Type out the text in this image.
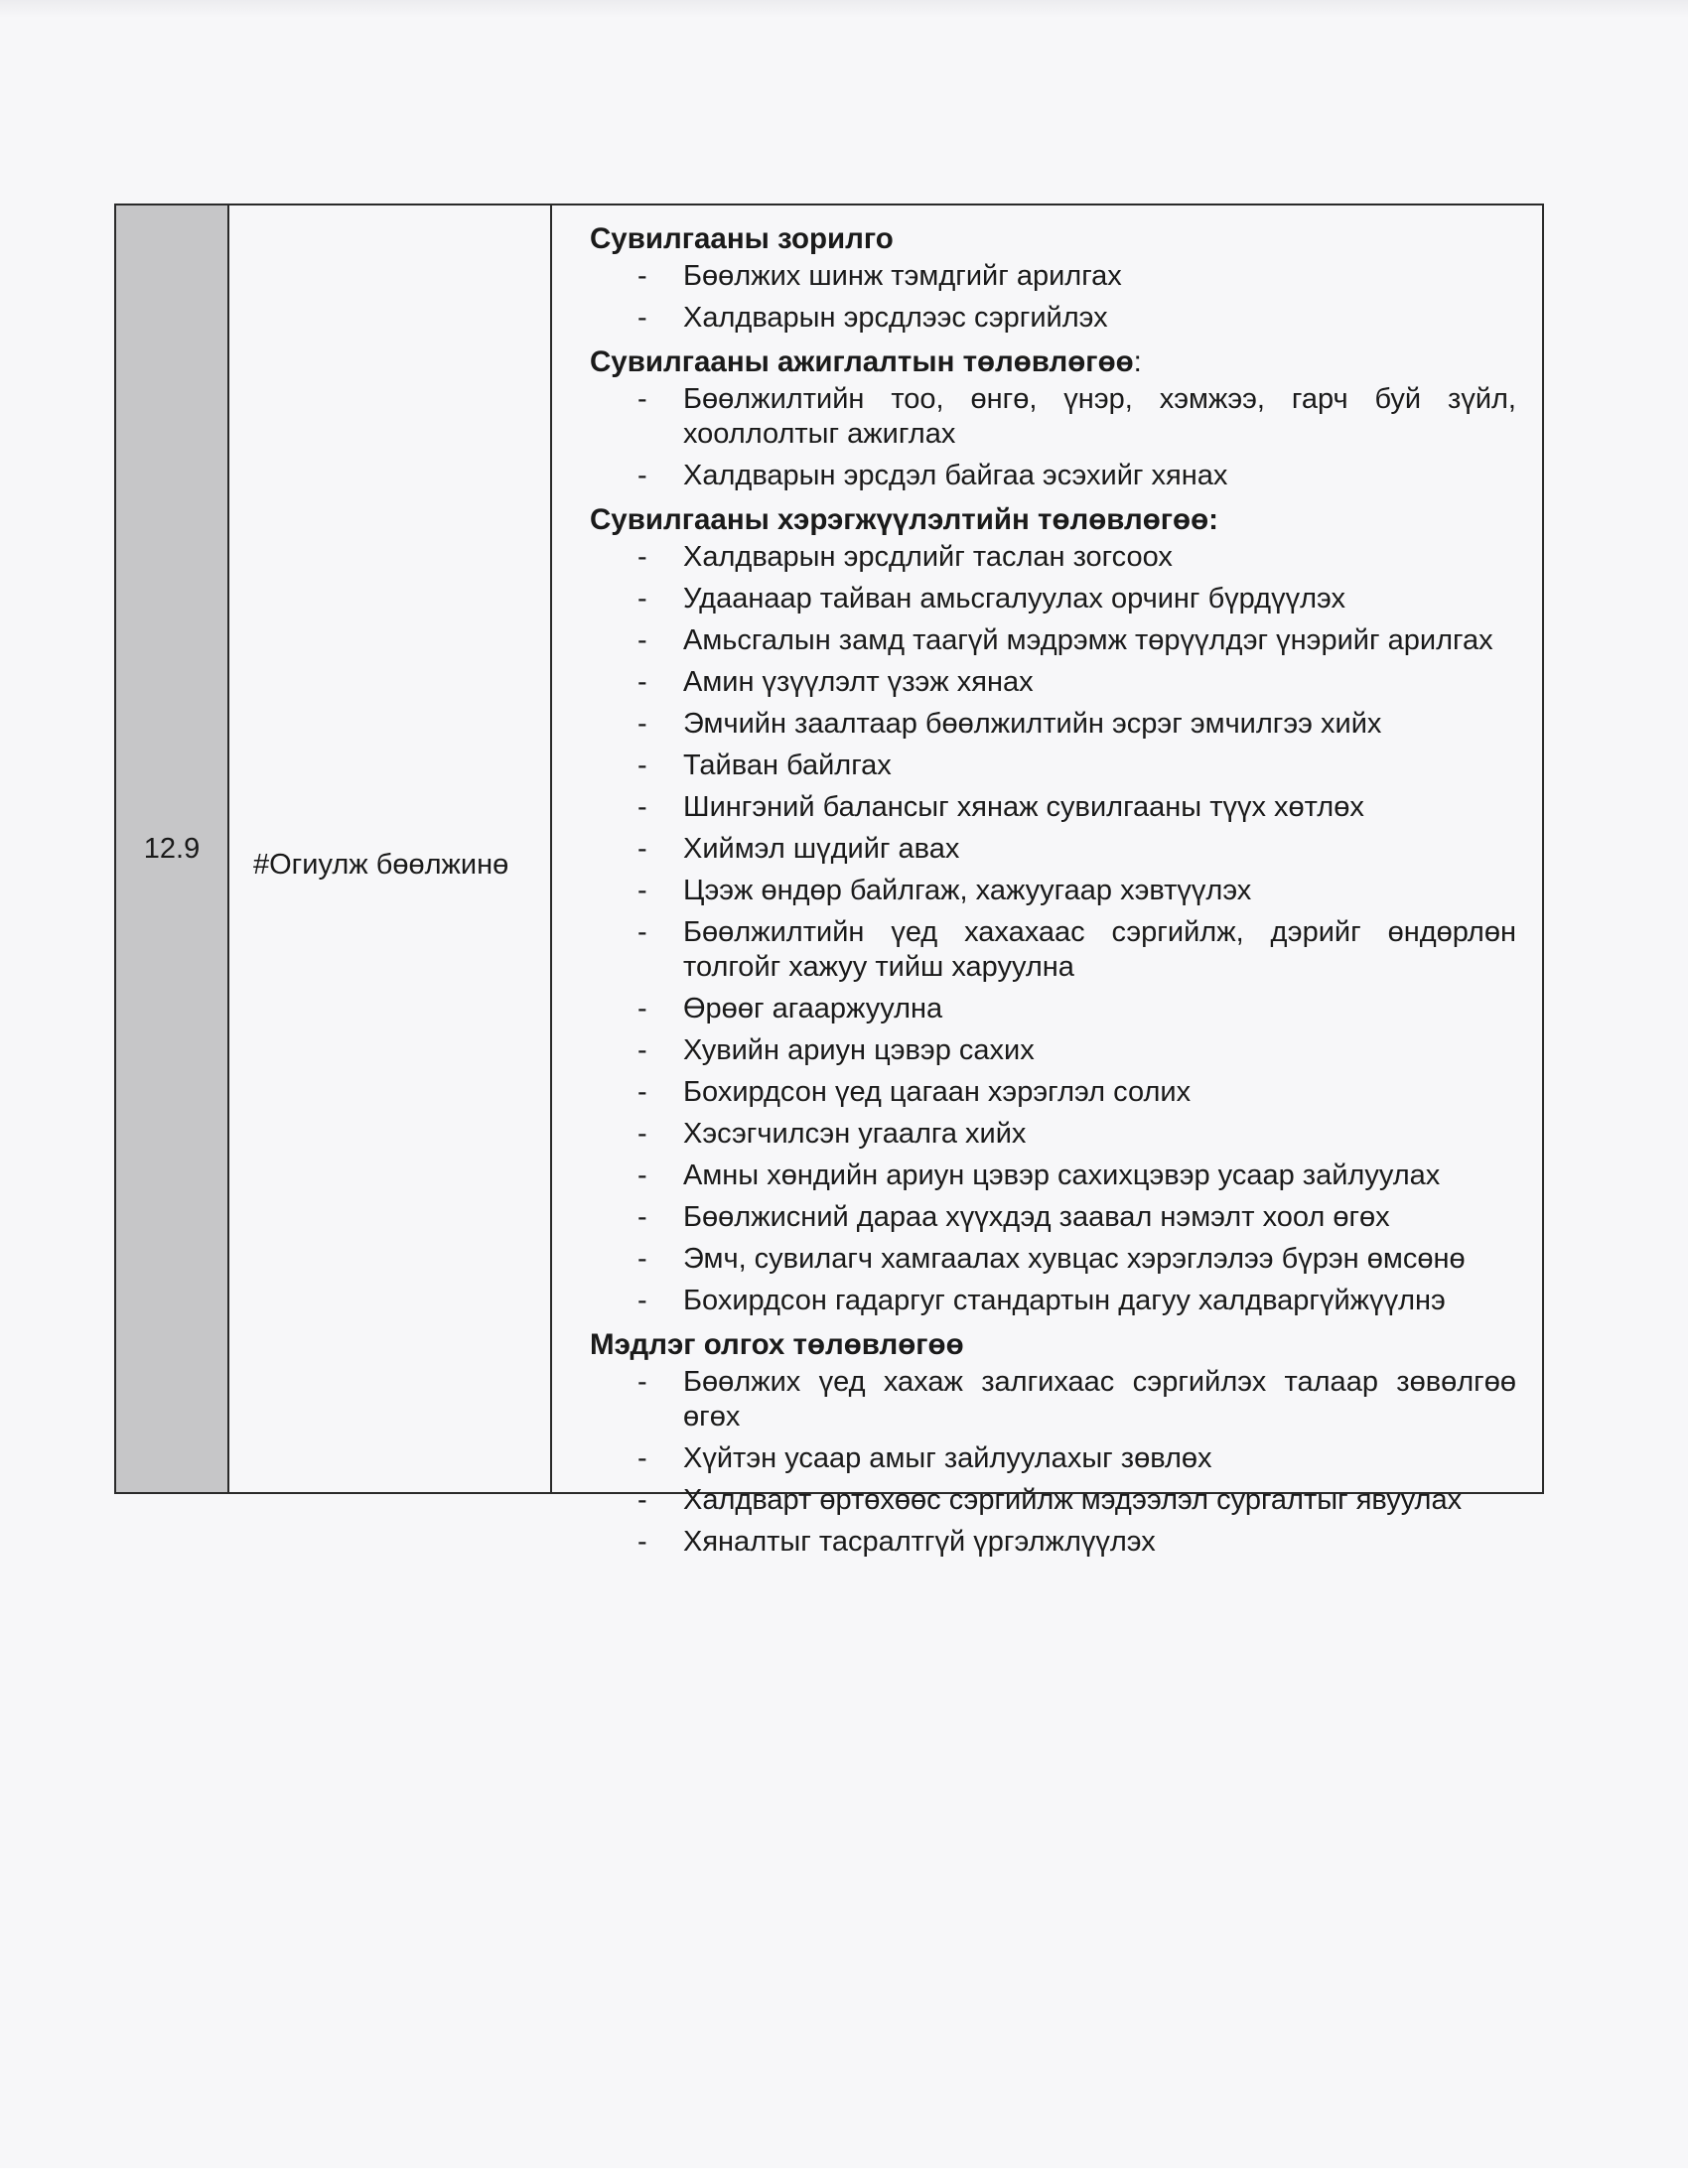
12.9 #Огиулж бөөлжинө

Сувилгааны зорилго

- Бөөлжих шинж тэмдгийг арилгах
- Халдварын эрсдлээс сэргийлэх

Сувилгааны ажиглалтын төлөвлөгөө:

- Бөөлжилтийн тоо, өнгө, үнэр, хэмжээ, гарч буй зүйл, хооллолтыг ажиглах
- Халдварын эрсдэл байгаа эсэхийг хянах

Сувилгааны хэрэгжүүлэлтийн төлөвлөгөө:

- Халдварын эрсдлийг таслан зогсоох
- Удаанаар тайван амьсгалуулах орчинг бүрдүүлэх
- Амьсгалын замд таагүй мэдрэмж төрүүлдэг үнэрийг арилгах
- Амин үзүүлэлт үзэж хянах
- Эмчийн заалтаар бөөлжилтийн эсрэг эмчилгээ хийх
- Тайван байлгах
- Шингэний балансыг хянаж сувилгааны түүх хөтлөх
- Хиймэл шүдийг авах
- Цээж өндөр байлгаж, хажуугаар хэвтүүлэх
- Бөөлжилтийн үед хахахаас сэргийлж, дэрийг өндөрлөн толгойг хажуу тийш харуулна
- Өрөөг агааржуулна
- Хувийн ариун цэвэр сахих
- Бохирдсон үед цагаан хэрэглэл солих
- Хэсэгчилсэн угаалга хийх
- Амны хөндийн ариун цэвэр сахихцэвэр усаар зайлуулах
- Бөөлжисний дараа хүүхдэд заавал нэмэлт хоол өгөх
- Эмч, сувилагч хамгаалах хувцас хэрэглэлээ бүрэн өмсөнө
- Бохирдсон гадаргуг стандартын дагуу халдваргүйжүүлнэ

Мэдлэг олгох төлөвлөгөө

- Бөөлжих үед хахаж залгихаас сэргийлэх талаар зөвөлгөө өгөх
- Хүйтэн усаар амыг зайлуулахыг зөвлөх
- Халдварт өртөхөөс сэргийлж мэдээлэл сургалтыг явуулах
- Хяналтыг тасралтгүй үргэлжлүүлэх
